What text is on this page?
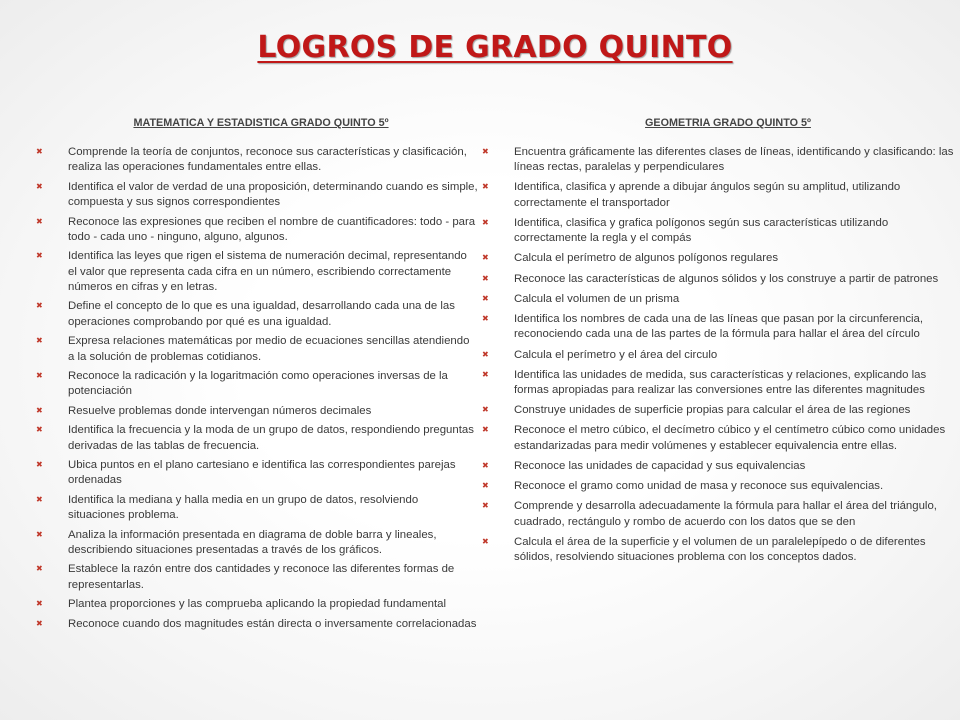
LOGROS DE GRADO QUINTO
MATEMATICA Y ESTADISTICA GRADO QUINTO 5º
✖ Comprende la teoría de conjuntos, reconoce sus características y clasificación, realiza las operaciones fundamentales entre ellas.
✖ Identifica el valor de verdad de una proposición, determinando cuando es simple, compuesta y sus signos correspondientes
✖ Reconoce las expresiones que reciben el nombre de cuantificadores: todo - para todo - cada uno - ninguno, alguno, algunos.
✖ Identifica las leyes que rigen el sistema de numeración decimal, representando el valor que representa cada cifra en un número, escribiendo correctamente números en cifras y en letras.
✖ Define el concepto de lo que es una igualdad, desarrollando cada una de las operaciones comprobando por qué es una igualdad.
✖ Expresa relaciones matemáticas por medio de ecuaciones sencillas atendiendo a la solución de problemas cotidianos.
✖ Reconoce la radicación y la logaritmación como operaciones inversas de la potenciación
✖ Resuelve problemas donde intervengan números decimales
✖ Identifica la frecuencia y la moda de un grupo de datos, respondiendo preguntas derivadas de las tablas de frecuencia.
✖ Ubica puntos en el plano cartesiano e identifica las correspondientes parejas ordenadas
✖ Identifica la mediana y halla media en un grupo de datos, resolviendo situaciones problema.
✖ Analiza la información presentada en diagrama de doble barra y lineales, describiendo situaciones presentadas a través de los gráficos.
✖ Establece la razón entre dos cantidades y reconoce las diferentes formas de representarlas.
✖ Plantea proporciones y las comprueba aplicando la propiedad fundamental
✖ Reconoce cuando dos magnitudes están directa o inversamente correlacionadas
GEOMETRIA GRADO QUINTO 5º
✖ Encuentra gráficamente las diferentes clases de líneas, identificando y clasificando: las líneas rectas, paralelas y perpendiculares
✖ Identifica, clasifica y aprende a dibujar ángulos según su amplitud, utilizando correctamente el transportador
✖ Identifica, clasifica y grafica polígonos según sus características utilizando correctamente la regla y el compás
✖ Calcula el perímetro de algunos polígonos regulares
✖ Reconoce las características de algunos sólidos y los construye a partir de patrones
✖ Calcula el volumen de un prisma
✖ Identifica los nombres de cada una de las líneas que pasan por la circunferencia, reconociendo cada una de las partes de la fórmula para hallar el área del círculo
✖ Calcula el perímetro y el área del circulo
✖ Identifica las unidades de medida, sus características y relaciones, explicando las formas apropiadas para realizar las conversiones entre las diferentes magnitudes
✖ Construye unidades de superficie propias para calcular el área de las regiones
✖ Reconoce el metro cúbico, el decímetro cúbico y el centímetro cúbico como unidades estandarizadas para medir volúmenes y establecer equivalencia entre ellas.
✖ Reconoce las unidades de capacidad y sus equivalencias
✖ Reconoce el gramo como unidad de masa y reconoce sus equivalencias.
✖ Comprende y desarrolla adecuadamente la fórmula para hallar el área del triángulo, cuadrado, rectángulo y rombo de acuerdo con los datos que se den
✖ Calcula el área de la superficie y el volumen de un paralelepípedo o de diferentes sólidos, resolviendo situaciones problema con los conceptos dados.
